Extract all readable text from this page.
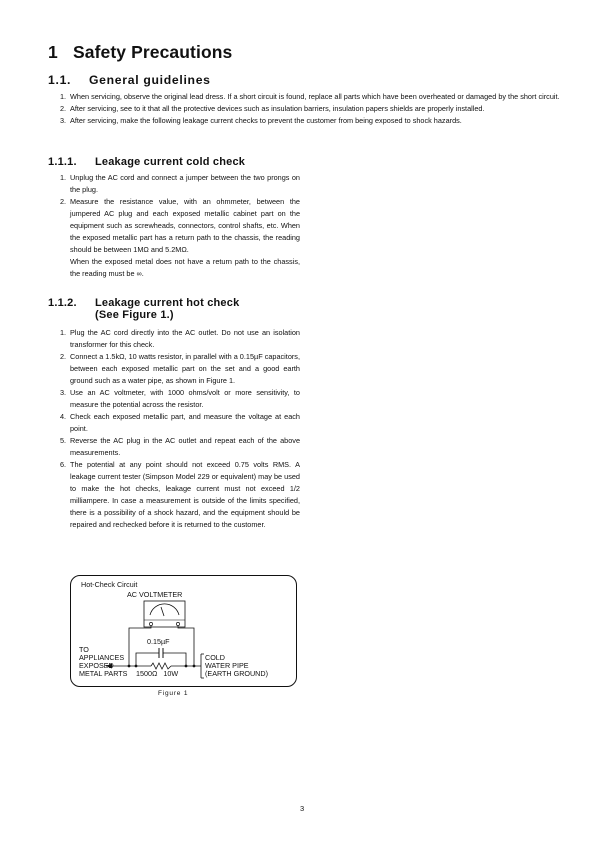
1 Safety Precautions
1.1. General guidelines
1. When servicing, observe the original lead dress. If a short circuit is found, replace all parts which have been overheated or damaged by the short circuit.
2. After servicing, see to it that all the protective devices such as insulation barriers, insulation papers shields are properly installed.
3. After servicing, make the following leakage current checks to prevent the customer from being exposed to shock hazards.
1.1.1. Leakage current cold check
1. Unplug the AC cord and connect a jumper between the two prongs on the plug.
2. Measure the resistance value, with an ohmmeter, between the jumpered AC plug and each exposed metallic cabinet part on the equipment such as screwheads, connectors, control shafts, etc. When the exposed metallic part has a return path to the chassis, the reading should be between 1MΩ and 5.2MΩ.
When the exposed metal does not have a return path to the chassis, the reading must be ∞.
1.1.2. Leakage current hot check
(See Figure 1.)
1. Plug the AC cord directly into the AC outlet. Do not use an isolation transformer for this check.
2. Connect a 1.5kΩ, 10 watts resistor, in parallel with a 0.15µF capacitors, between each exposed metallic part on the set and a good earth ground such as a water pipe, as shown in Figure 1.
3. Use an AC voltmeter, with 1000 ohms/volt or more sensitivity, to measure the potential across the resistor.
4. Check each exposed metallic part, and measure the voltage at each point.
5. Reverse the AC plug in the AC outlet and repeat each of the above measurements.
6. The potential at any point should not exceed 0.75 volts RMS. A leakage current tester (Simpson Model 229 or equivalent) may be used to make the hot checks, leakage current must not exceed 1/2 milliampere. In case a measurement is outside of the limits specified, there is a possibility of a shock hazard, and the equipment should be repaired and rechecked before it is returned to the customer.
Hot-Check Circuit
AC VOLTMETER
0.15µF
TO
APPLIANCES
EXPOSED
METAL PARTS 1500Ω   10W
COLD
WATER PIPE
(EARTH GROUND)
Figure 1
3
